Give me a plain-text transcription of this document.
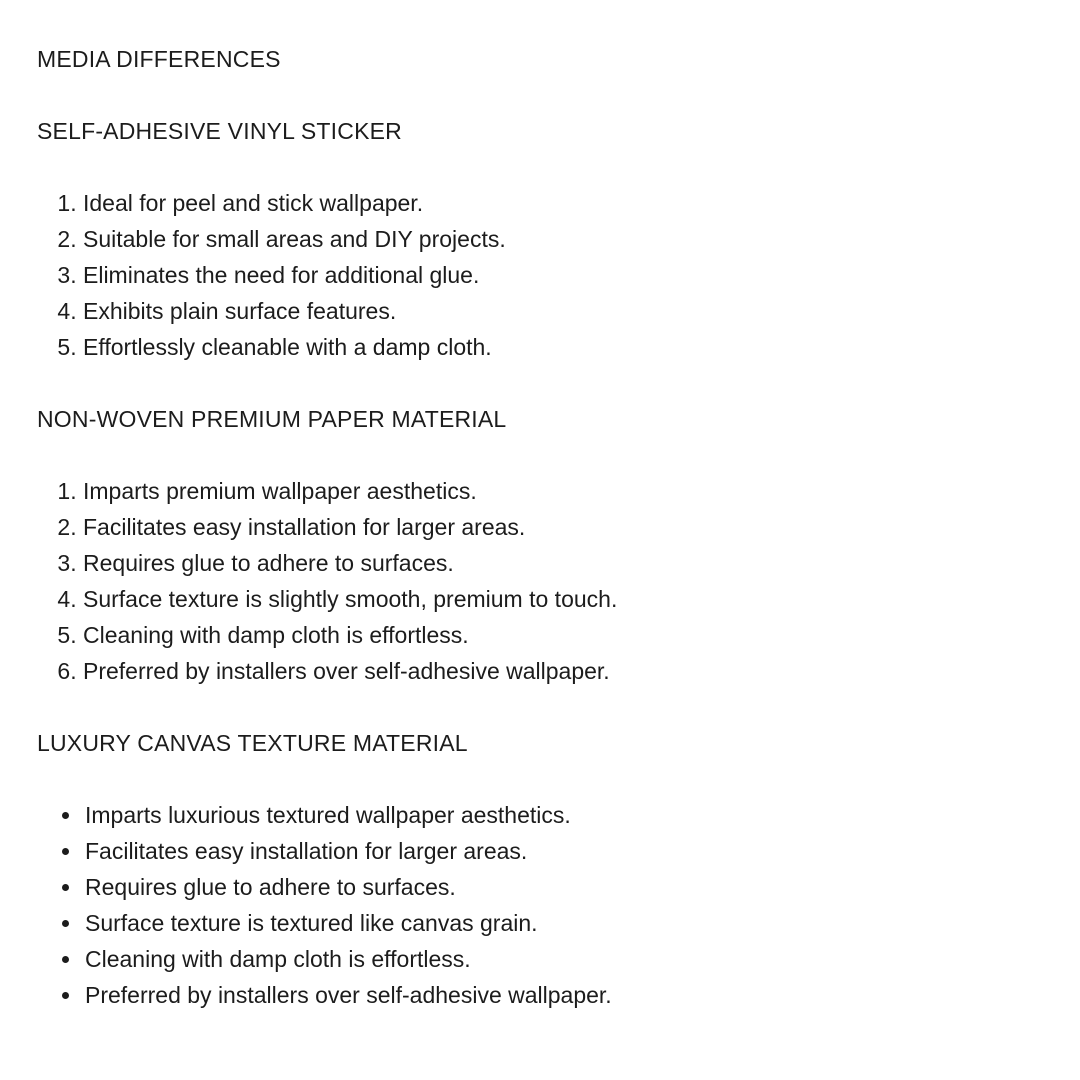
MEDIA DIFFERENCES

SELF-ADHESIVE VINYL STICKER

1. Ideal for peel and stick wallpaper.
2. Suitable for small areas and DIY projects.
3. Eliminates the need for additional glue.
4. Exhibits plain surface features.
5. Effortlessly cleanable with a damp cloth.

NON-WOVEN PREMIUM PAPER MATERIAL

1. Imparts premium wallpaper aesthetics.
2. Facilitates easy installation for larger areas.
3. Requires glue to adhere to surfaces.
4. Surface texture is slightly smooth, premium to touch.
5. Cleaning with damp cloth is effortless.
6. Preferred by installers over self-adhesive wallpaper.

LUXURY CANVAS TEXTURE MATERIAL

• Imparts luxurious textured wallpaper aesthetics.
• Facilitates easy installation for larger areas.
• Requires glue to adhere to surfaces.
• Surface texture is textured like canvas grain.
• Cleaning with damp cloth is effortless.
• Preferred by installers over self-adhesive wallpaper.
